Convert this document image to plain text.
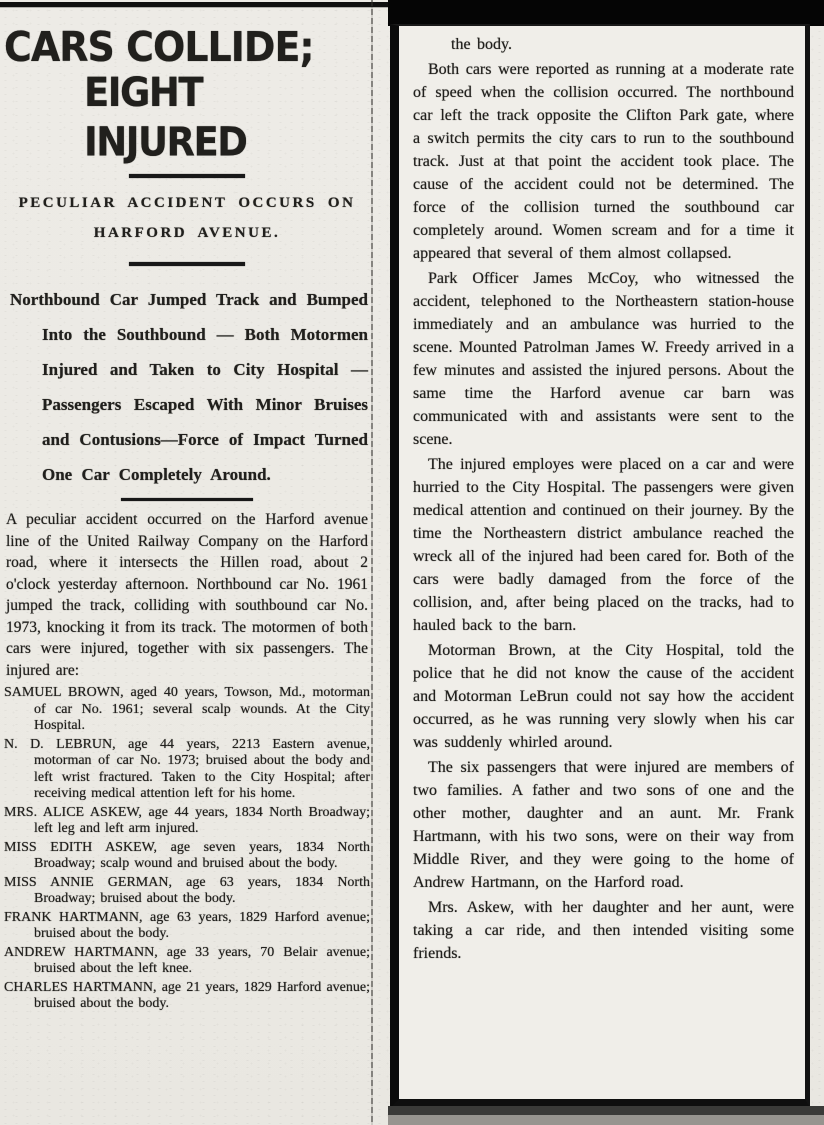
CARS COLLIDE;
EIGHT INJURED
PECULIAR ACCIDENT OCCURS ON
HARFORD AVENUE.

Northbound Car Jumped Track and Bumped Into the Southbound — Both Motormen Injured and Taken to City Hospital — Passengers Escaped With Minor Bruises and Contusions—Force of Impact Turned One Car Completely Around.

A peculiar accident occurred on the Harford avenue line of the United Railway Company on the Harford road, where it intersects the Hillen road, about 2 o'clock yesterday afternoon. Northbound car No. 1961 jumped the track, colliding with southbound car No. 1973, knocking it from its track. The motormen of both cars were injured, together with six passengers. The injured are:

SAMUEL BROWN, aged 40 years, Towson, Md., motorman of car No. 1961; several scalp wounds. At the City Hospital.

N. D. LEBRUN, age 44 years, 2213 Eastern avenue, motorman of car No. 1973; bruised about the body and left wrist fractured. Taken to the City Hospital; after receiving medical attention left for his home.

MRS. ALICE ASKEW, age 44 years, 1834 North Broadway; left leg and left arm injured.

MISS EDITH ASKEW, age seven years, 1834 North Broadway; scalp wound and bruised about the body.

MISS ANNIE GERMAN, age 63 years, 1834 North Broadway; bruised about the body.

FRANK HARTMANN, age 63 years, 1829 Harford avenue; bruised about the body.

ANDREW HARTMANN, age 33 years, 70 Belair avenue; bruised about the left knee.

CHARLES HARTMANN, age 21 years, 1829 Harford avenue; bruised about the body.

the body.

Both cars were reported as running at a moderate rate of speed when the collision occurred. The northbound car left the track opposite the Clifton Park gate, where a switch permits the city cars to run to the southbound track. Just at that point the accident took place. The cause of the accident could not be determined. The force of the collision turned the southbound car completely around. Women scream and for a time it appeared that several of them almost collapsed.

Park Officer James McCoy, who witnessed the accident, telephoned to the Northeastern station-house immediately and an ambulance was hurried to the scene. Mounted Patrolman James W. Freedy arrived in a few minutes and assisted the injured persons. About the same time the Harford avenue car barn was communicated with and assistants were sent to the scene.

The injured employes were placed on a car and were hurried to the City Hospital. The passengers were given medical attention and continued on their journey. By the time the Northeastern district ambulance reached the wreck all of the injured had been cared for. Both of the cars were badly damaged from the force of the collision, and, after being placed on the tracks, had to hauled back to the barn.

Motorman Brown, at the City Hospital, told the police that he did not know the cause of the accident and Motorman LeBrun could not say how the accident occurred, as he was running very slowly when his car was suddenly whirled around.

The six passengers that were injured are members of two families. A father and two sons of one and the other mother, daughter and an aunt. Mr. Frank Hartmann, with his two sons, were on their way from Middle River, and they were going to the home of Andrew Hartmann, on the Harford road.

Mrs. Askew, with her daughter and her aunt, were taking a car ride, and then intended visiting some friends.
